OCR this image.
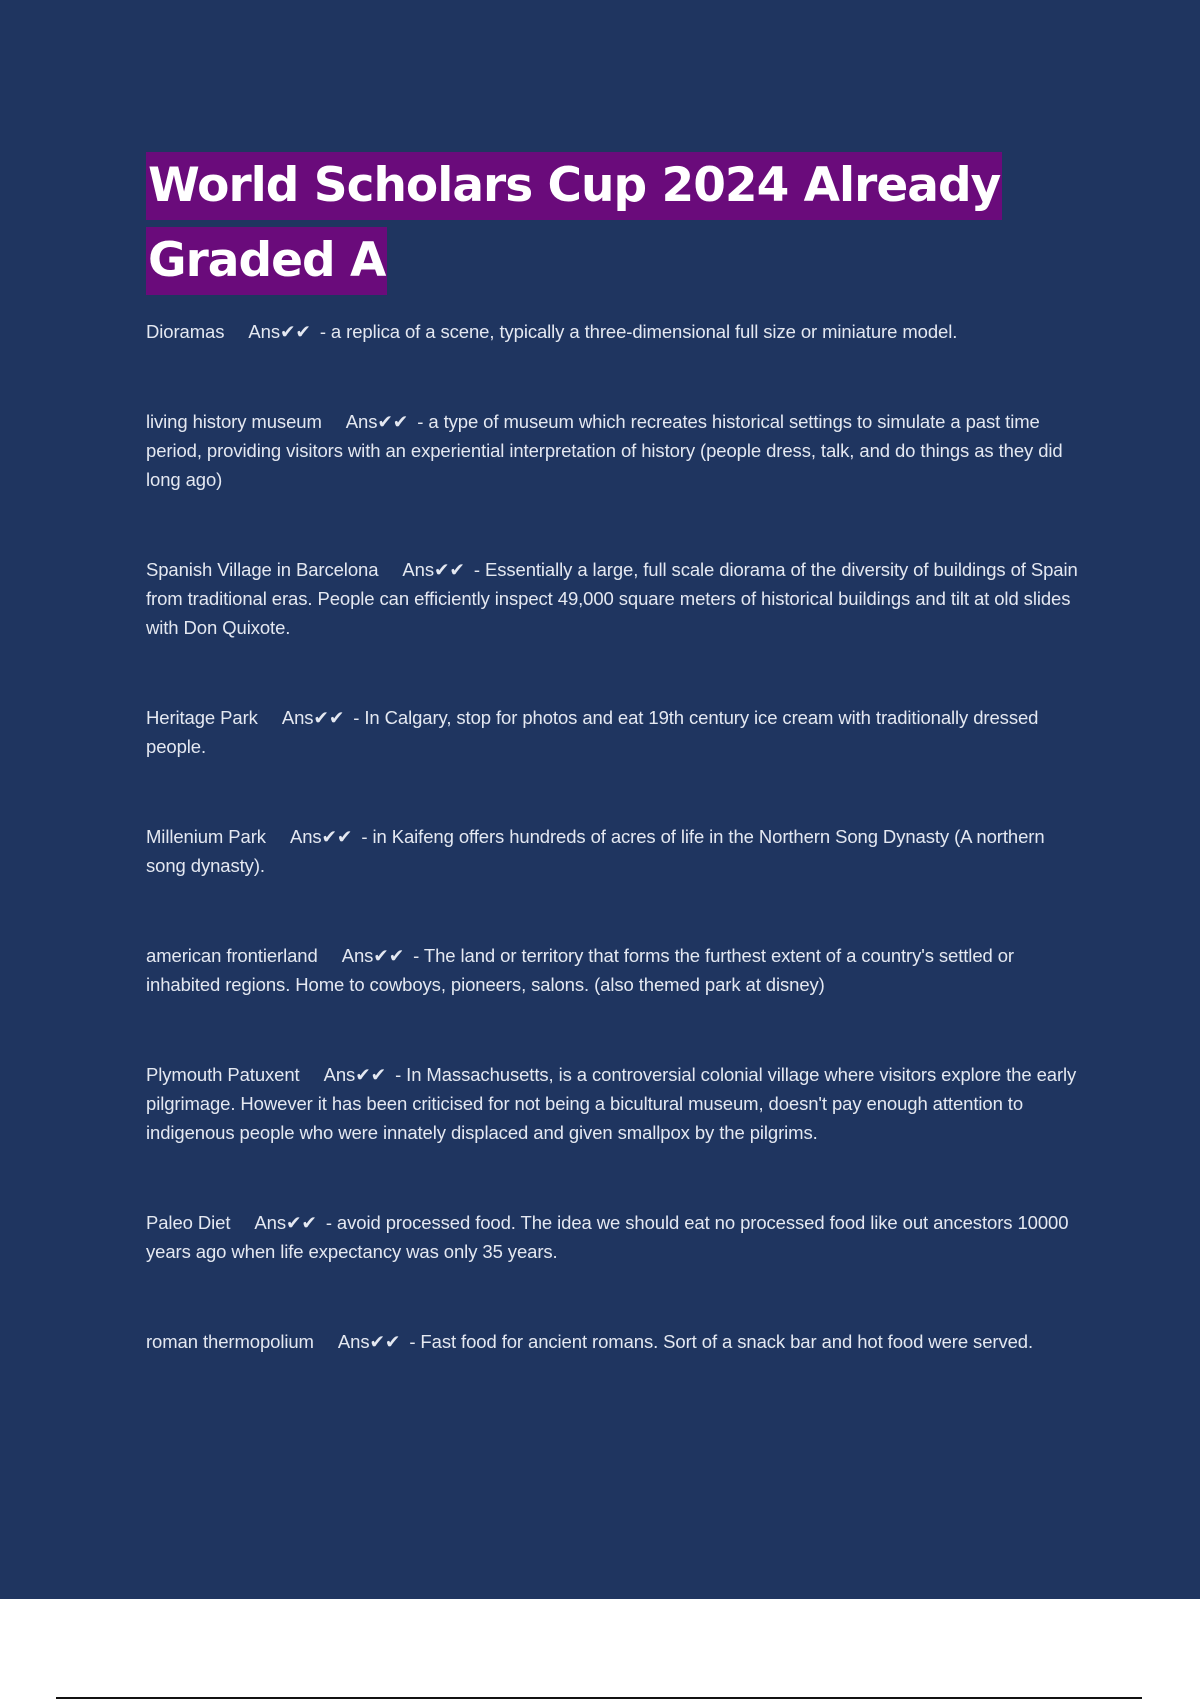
World Scholars Cup 2024 Already
Graded A

Dioramas Ans✔✔ - a replica of a scene, typically a three-dimensional full size or miniature model.

living history museum Ans✔✔ - a type of museum which recreates historical settings to simulate a past time period, providing visitors with an experiential interpretation of history (people dress, talk, and do things as they did long ago)

Spanish Village in Barcelona Ans✔✔ - Essentially a large, full scale diorama of the diversity of buildings of Spain from traditional eras. People can efficiently inspect 49,000 square meters of historical buildings and tilt at old slides with Don Quixote.

Heritage Park Ans✔✔ - In Calgary, stop for photos and eat 19th century ice cream with traditionally dressed people.

Millenium Park Ans✔✔ - in Kaifeng offers hundreds of acres of life in the Northern Song Dynasty (A northern song dynasty).

american frontierland Ans✔✔ - The land or territory that forms the furthest extent of a country's settled or inhabited regions. Home to cowboys, pioneers, salons. (also themed park at disney)

Plymouth Patuxent Ans✔✔ - In Massachusetts, is a controversial colonial village where visitors explore the early pilgrimage. However it has been criticised for not being a bicultural museum, doesn't pay enough attention to indigenous people who were innately displaced and given smallpox by the pilgrims.

Paleo Diet Ans✔✔ - avoid processed food. The idea we should eat no processed food like out ancestors 10000 years ago when life expectancy was only 35 years.

roman thermopolium Ans✔✔ - Fast food for ancient romans. Sort of a snack bar and hot food were served.
